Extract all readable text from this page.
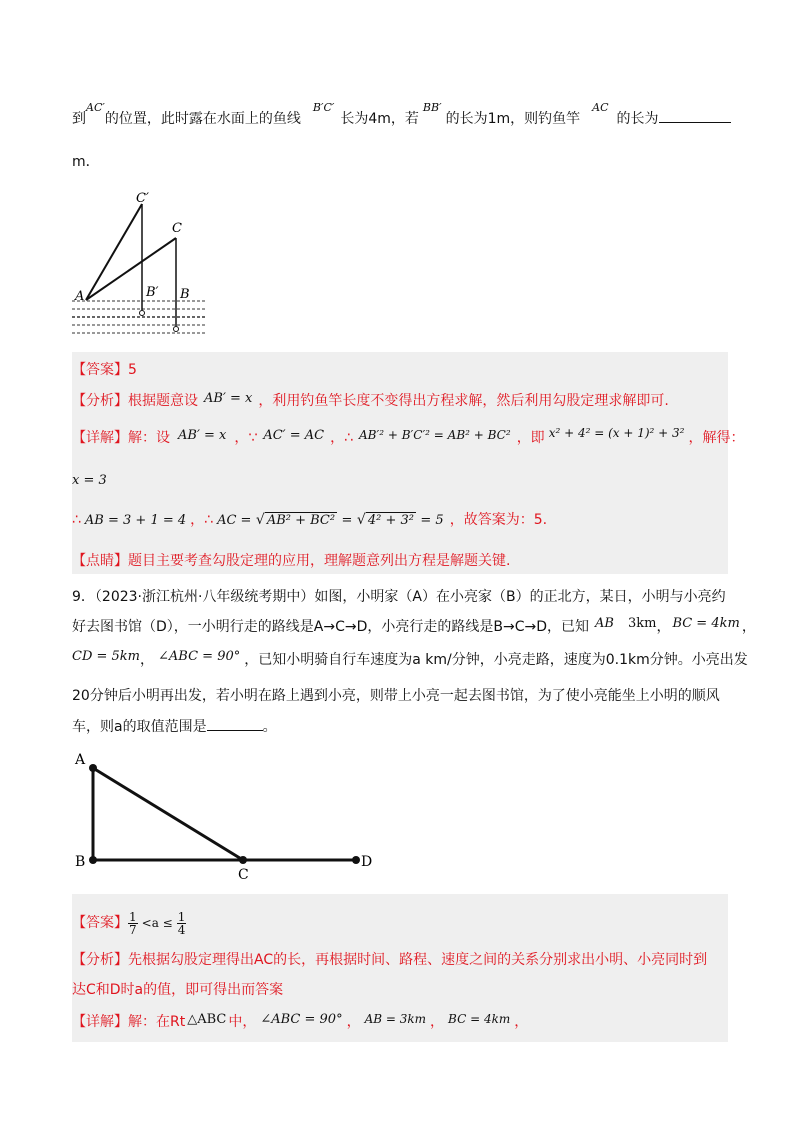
到$^{AC'}$的位置，此时露在水面上的鱼线$^{B'C'}$长为4m，若$^{BB'}$的长为1m，则钓鱼竿$^{AC}$的长为
m．
C′
C
A	B′ B
【答案】5
【分析】根据题意设 AB′ = x ，利用钓鱼竿长度不变得出方程求解，然后利用勾股定理求解即可.
【详解】解：设 AB′ = x ，∵ AC′ = AC ，∴ AB′² + B′C′² = AB² + BC² ，即 x² + 4² = (x + 1)² + 3² ，解得：
x = 3
∴ AB = 3 + 1 = 4 ，∴ AC = √ AB² + BC² = √ 4² + 3² = 5 ，故答案为：5.
【点睛】题目主要考查勾股定理的应用，理解题意列出方程是解题关键.
9．（2023·浙江杭州·八年级统考期中）如图，小明家（A）在小亮家（B）的正北方，某日，小明与小亮约
好去图书馆（D），一小明行走的路线是A→C→D，小亮行走的路线是B→C→D，已知 AB 3km， BC = 4km ，
CD = 5km， ∠ABC = 90° ，已知小明骑自行车速度为a km/分钟，小亮走路，速度为0.1km分钟。小亮出发
20分钟后小明再出发，若小明在路上遇到小亮，则带上小亮一起去图书馆，为了使小亮能坐上小明的顺风
车，则a的取值范围是	。
A
B
C
D
【答案】 $\frac{1}{7} <a \le \frac{1}{4}$
【分析】先根据勾股定理得出AC的长，再根据时间、路程、速度之间的关系分别求出小明、小亮同时到
达C和D时a的值，即可得出而答案
【详解】解：在Rt △ABC 中， ∠ABC = 90° ， AB = 3km ， BC = 4km ，
